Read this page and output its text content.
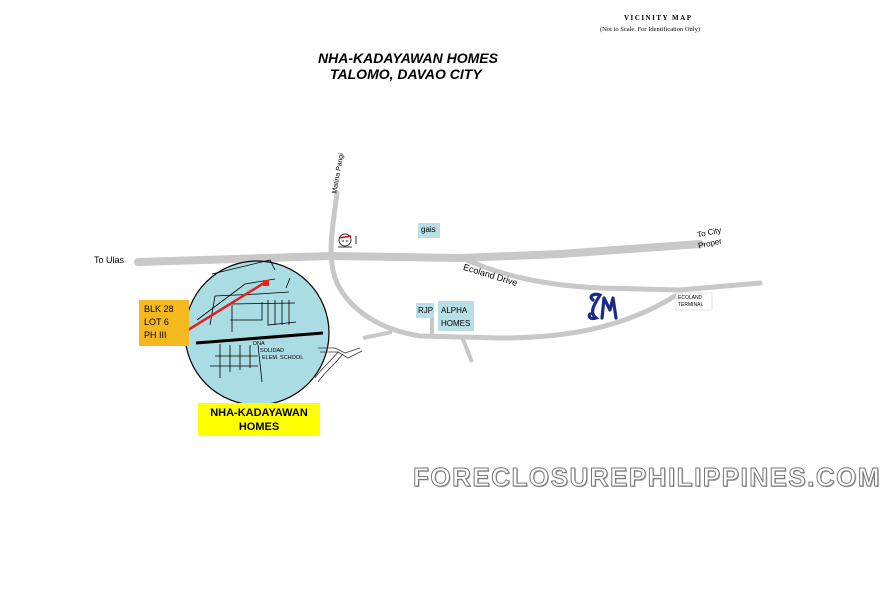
VICINITY MAP
(Not to Scale. For Identification Only)
NHA-KADAYAWAN HOMES
TALOMO, DAVAO CITY
To Ulas
To City
Proper
Ecoland Drive
Matina Pangi
gais
RJP ALPHA
HOMES
ECOLAND
TERMINAL
DNA
SOLIDAD
ELEM. SCHOOL
BLK 28
LOT 6
PH III
NHA-KADAYAWAN
HOMES
FORECLOSUREPHILIPPINES.COM
